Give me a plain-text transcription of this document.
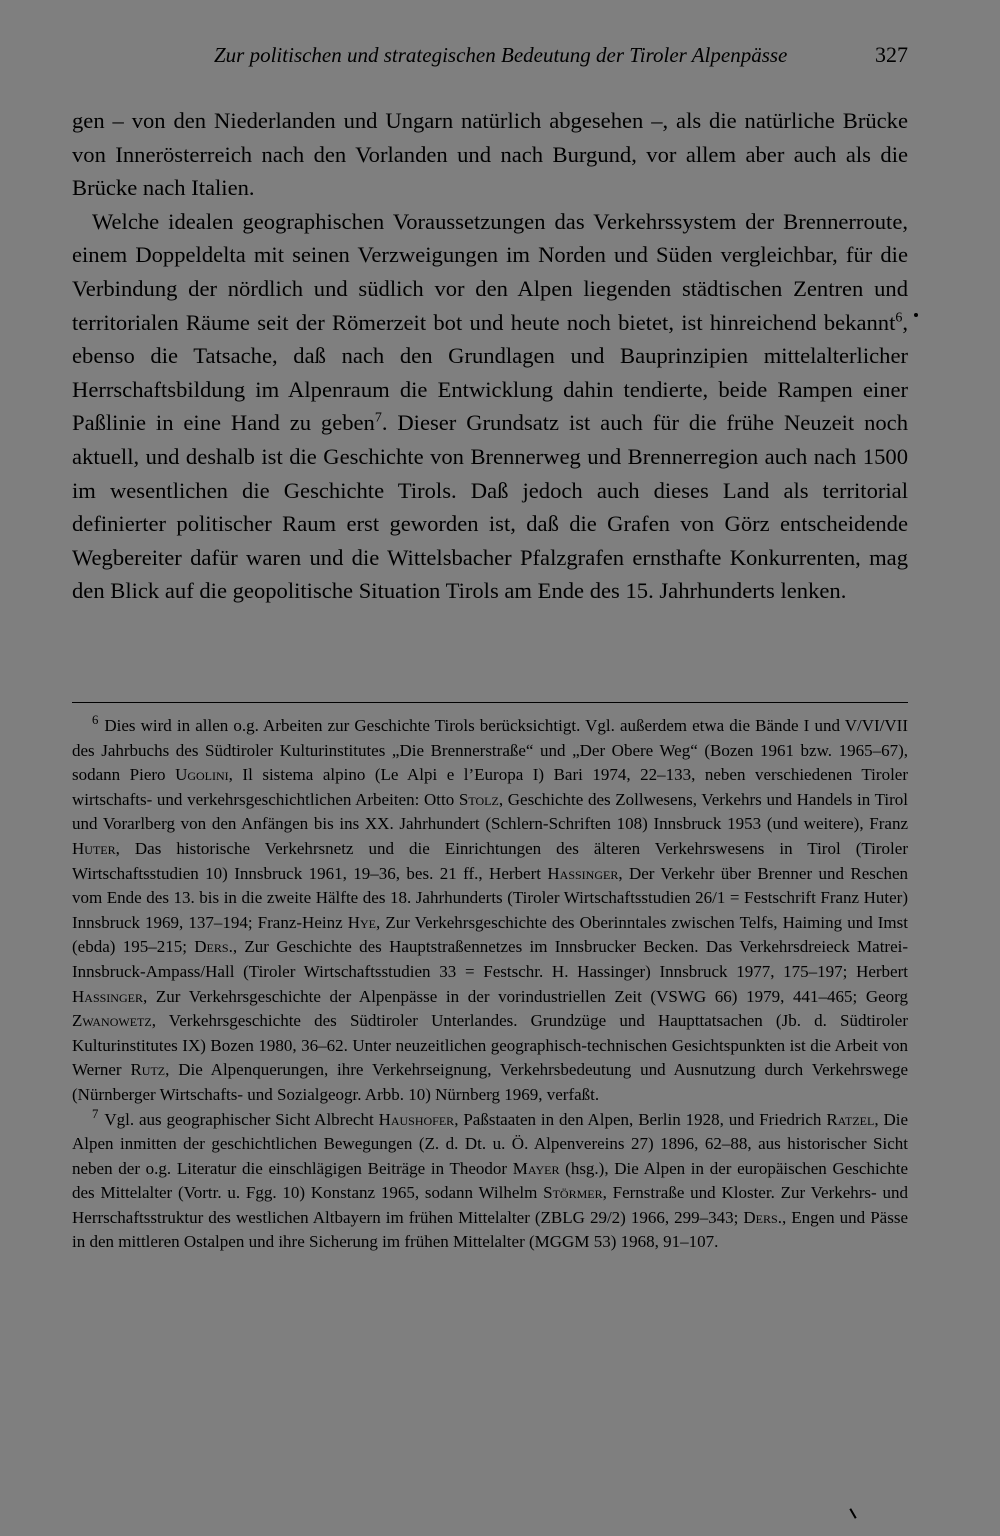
Zur politischen und strategischen Bedeutung der Tiroler Alpenpässe	327

gen – von den Niederlanden und Ungarn natürlich abgesehen –, als die natürliche Brücke von Innerösterreich nach den Vorlanden und nach Burgund, vor allem aber auch als die Brücke nach Italien.

Welche idealen geographischen Voraussetzungen das Verkehrssystem der Brennerroute, einem Doppeldelta mit seinen Verzweigungen im Norden und Süden vergleichbar, für die Verbindung der nördlich und südlich vor den Alpen liegenden städtischen Zentren und territorialen Räume seit der Römerzeit bot und heute noch bietet, ist hinreichend bekannt$^6$, ebenso die Tatsache, daß nach den Grundlagen und Bauprinzipien mittelalterlicher Herrschaftsbildung im Alpenraum die Entwicklung dahin tendierte, beide Rampen einer Paßlinie in eine Hand zu geben$^7$. Dieser Grundsatz ist auch für die frühe Neuzeit noch aktuell, und deshalb ist die Geschichte von Brennerweg und Brennerregion auch nach 1500 im wesentlichen die Geschichte Tirols. Daß jedoch auch dieses Land als territorial definierter politischer Raum erst geworden ist, daß die Grafen von Görz entscheidende Wegbereiter dafür waren und die Wittelsbacher Pfalzgrafen ernsthafte Konkurrenten, mag den Blick auf die geopolitische Situation Tirols am Ende des 15. Jahrhunderts lenken.

$^6$ Dies wird in allen o.g. Arbeiten zur Geschichte Tirols berücksichtigt. Vgl. außerdem etwa die Bände I und V/VI/VII des Jahrbuchs des Südtiroler Kulturinstitutes „Die Brennerstraße“ und „Der Obere Weg“ (Bozen 1961 bzw. 1965–67), sodann Piero Ugolini, Il sistema alpino (Le Alpi e l’Europa I) Bari 1974, 22–133, neben verschiedenen Tiroler wirtschafts- und verkehrsgeschichtlichen Arbeiten: Otto Stolz, Geschichte des Zollwesens, Verkehrs und Handels in Tirol und Vorarlberg von den Anfängen bis ins XX. Jahrhundert (Schlern-Schriften 108) Innsbruck 1953 (und weitere), Franz Huter, Das historische Verkehrsnetz und die Einrichtungen des älteren Verkehrswesens in Tirol (Tiroler Wirtschaftsstudien 10) Innsbruck 1961, 19–36, bes. 21 ff., Herbert Hassinger, Der Verkehr über Brenner und Reschen vom Ende des 13. bis in die zweite Hälfte des 18. Jahrhunderts (Tiroler Wirtschaftsstudien 26/1 = Festschrift Franz Huter) Innsbruck 1969, 137–194; Franz-Heinz Hye, Zur Verkehrsgeschichte des Oberinntales zwischen Telfs, Haiming und Imst (ebda) 195–215; Ders., Zur Geschichte des Hauptstraßennetzes im Innsbrucker Becken. Das Verkehrsdreieck Matrei-Innsbruck-Ampass/Hall (Tiroler Wirtschaftsstudien 33 = Festschr. H. Hassinger) Innsbruck 1977, 175–197; Herbert Hassinger, Zur Verkehrsgeschichte der Alpenpässe in der vorindustriellen Zeit (VSWG 66) 1979, 441–465; Georg Zwanowetz, Verkehrsgeschichte des Südtiroler Unterlandes. Grundzüge und Haupttatsachen (Jb. d. Südtiroler Kulturinstitutes IX) Bozen 1980, 36–62. Unter neuzeitlichen geographisch-technischen Gesichtspunkten ist die Arbeit von Werner Rutz, Die Alpenquerungen, ihre Verkehrseignung, Verkehrsbedeutung und Ausnutzung durch Verkehrswege (Nürnberger Wirtschafts- und Sozialgeogr. Arbb. 10) Nürnberg 1969, verfaßt.

$^7$ Vgl. aus geographischer Sicht Albrecht Haushofer, Paßstaaten in den Alpen, Berlin 1928, und Friedrich Ratzel, Die Alpen inmitten der geschichtlichen Bewegungen (Z. d. Dt. u. Ö. Alpenvereins 27) 1896, 62–88, aus historischer Sicht neben der o.g. Literatur die einschlägigen Beiträge in Theodor Mayer (hsg.), Die Alpen in der europäischen Geschichte des Mittelalter (Vortr. u. Fgg. 10) Konstanz 1965, sodann Wilhelm Störmer, Fernstraße und Kloster. Zur Verkehrs- und Herrschaftsstruktur des westlichen Altbayern im frühen Mittelalter (ZBLG 29/2) 1966, 299–343; Ders., Engen und Pässe in den mittleren Ostalpen und ihre Sicherung im frühen Mittelalter (MGGM 53) 1968, 91–107.
